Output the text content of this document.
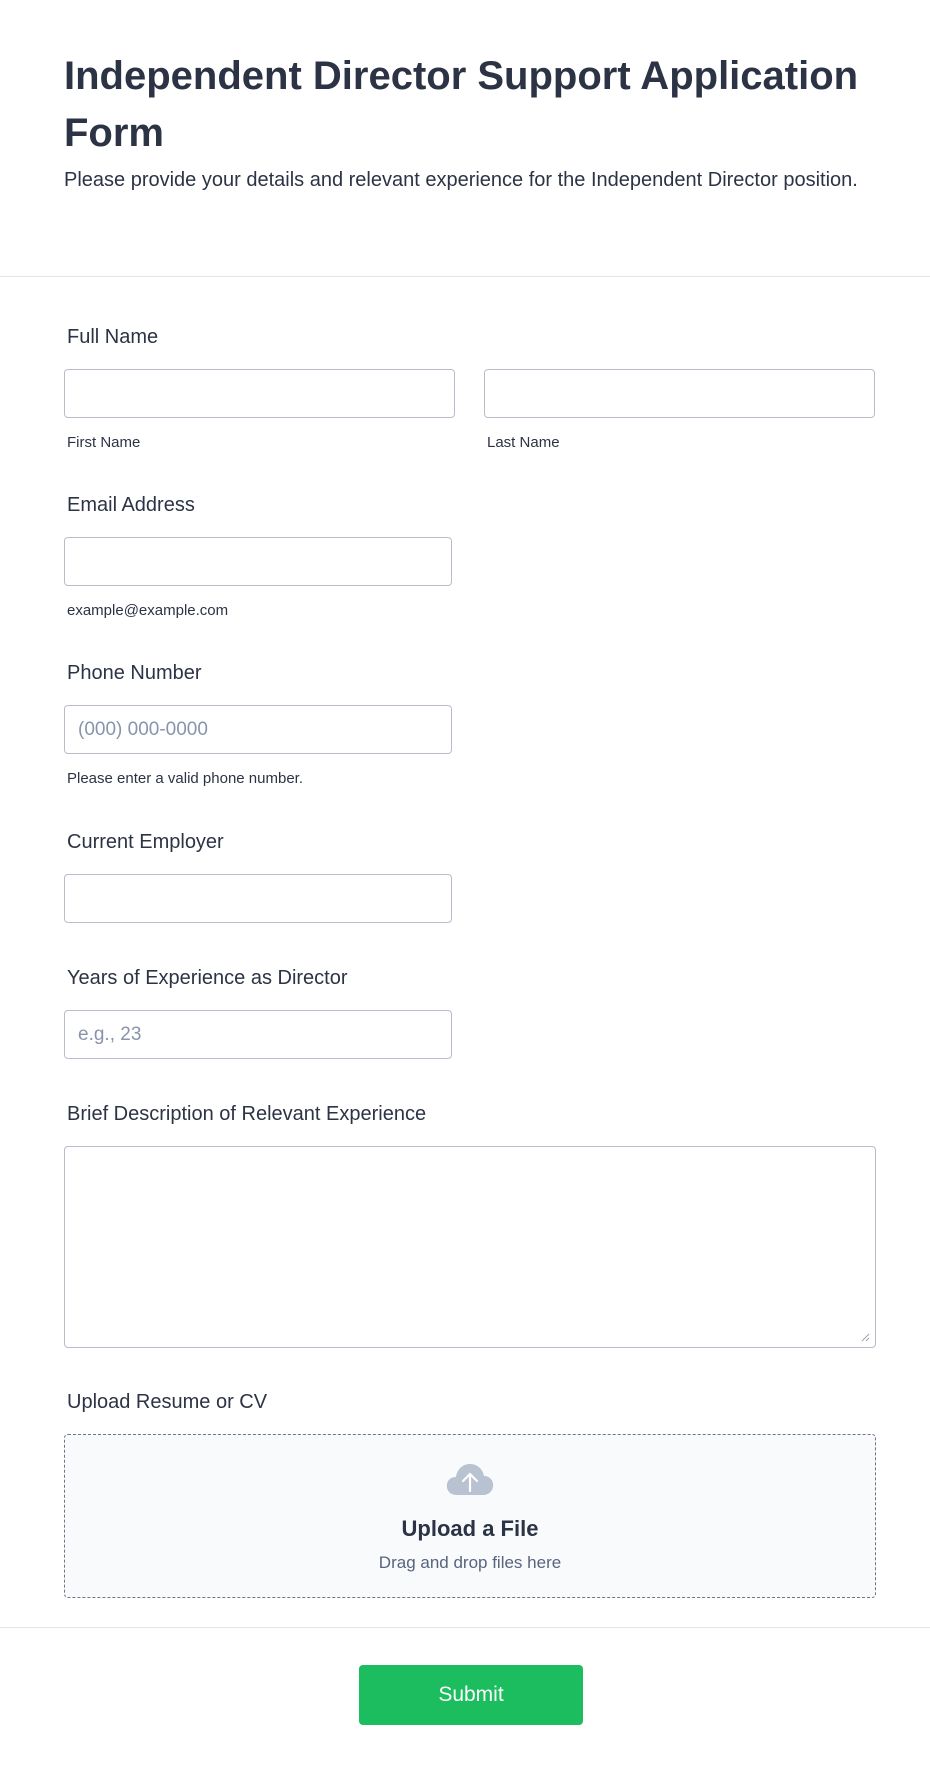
Independent Director Support Application Form

Please provide your details and relevant experience for the Independent Director position.

Full Name
First Name	Last Name
Email Address
example@example.com
Phone Number
(000) 000-0000
Please enter a valid phone number.
Current Employer
Years of Experience as Director
e.g., 23
Brief Description of Relevant Experience
Upload Resume or CV
Upload a File
Drag and drop files here
Submit
